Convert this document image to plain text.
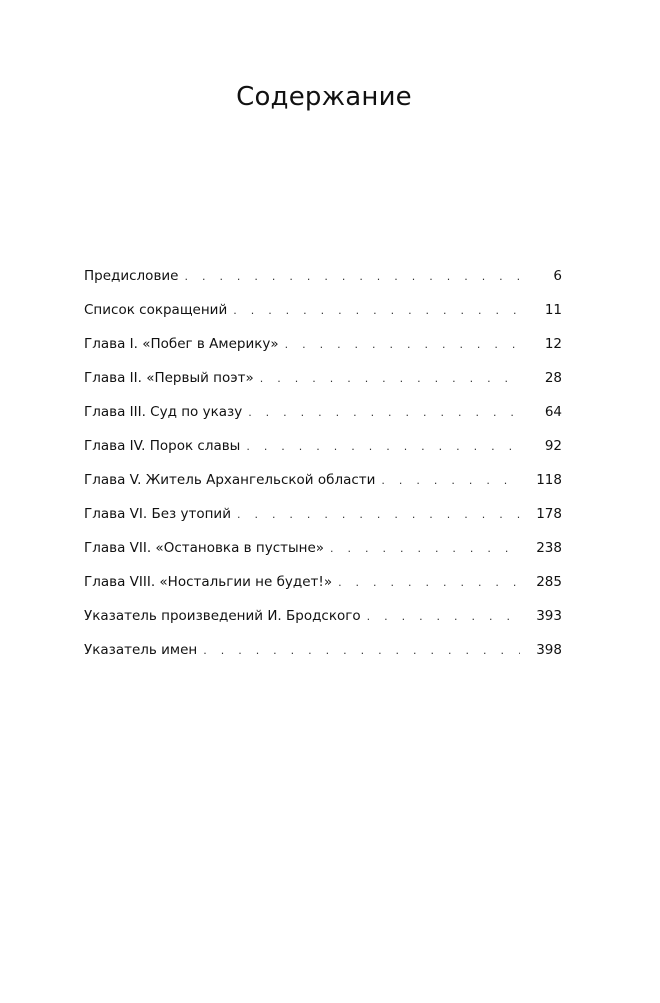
Содержание
Предисловие .	6
Список сокращений .	11
Глава I. «Побег в Америку» .	12
Глава II. «Первый поэт» .	28
Глава III. Суд по указу .	64
Глава IV. Порок славы .	92
Глава V. Житель Архангельской области .	118
Глава VI. Без утопий .	178
Глава VII. «Остановка в пустыне» .	238
Глава VIII. «Ностальгии не будет!» .	285
Указатель произведений И. Бродского .	393
Указатель имен .	398
